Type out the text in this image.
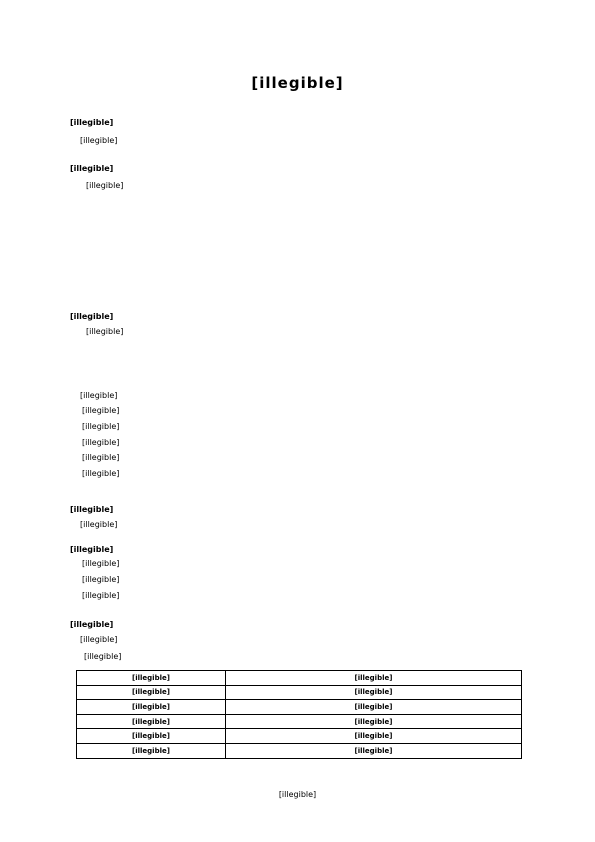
[illegible]
[illegible]
[illegible]
[illegible]
[illegible]
[illegible]
[illegible]
[illegible]
[illegible]
[illegible]
[illegible]
[illegible]
[illegible]
[illegible]
[illegible]
[illegible]
[illegible]
[illegible]
[illegible]
[illegible]
[illegible]
[illegible]
[illegible]	[illegible]
[illegible]	[illegible]
[illegible]	[illegible]
[illegible]	[illegible]
[illegible]	[illegible]
[illegible]	[illegible]
[illegible]
